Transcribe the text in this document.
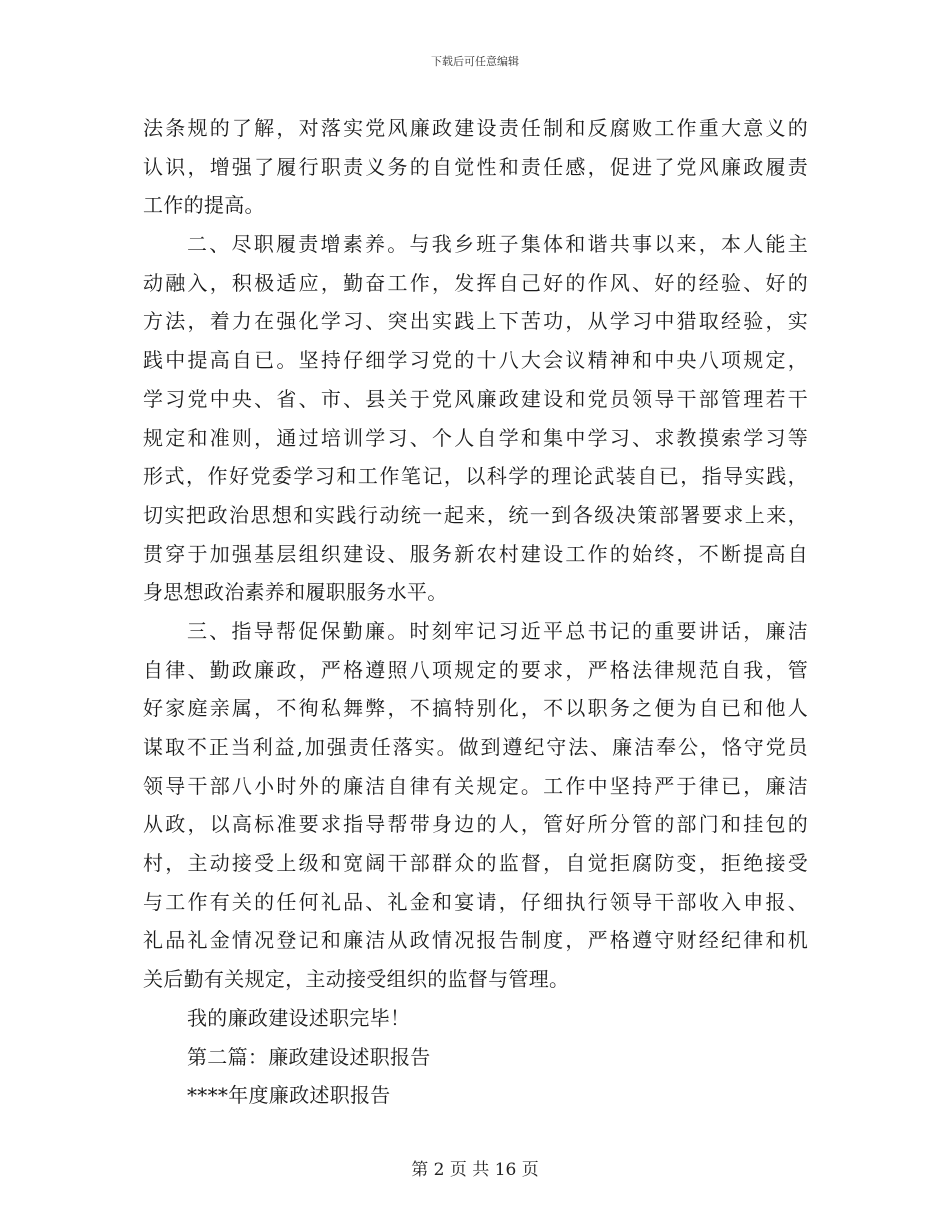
下载后可任意编辑
法条规的了解，对落实党风廉政建设责任制和反腐败工作重大意义的
认识，增强了履行职责义务的自觉性和责任感，促进了党风廉政履责
工作的提高。
二、尽职履责增素养。与我乡班子集体和谐共事以来，本人能主
动融入，积极适应，勤奋工作，发挥自己好的作风、好的经验、好的
方法，着力在强化学习、突出实践上下苦功，从学习中猎取经验，实
践中提高自已。坚持仔细学习党的十八大会议精神和中央八项规定，
学习党中央、省、市、县关于党风廉政建设和党员领导干部管理若干
规定和准则，通过培训学习、个人自学和集中学习、求教摸索学习等
形式，作好党委学习和工作笔记，以科学的理论武装自已，指导实践，
切实把政治思想和实践行动统一起来，统一到各级决策部署要求上来，
贯穿于加强基层组织建设、服务新农村建设工作的始终，不断提高自
身思想政治素养和履职服务水平。
三、指导帮促保勤廉。时刻牢记习近平总书记的重要讲话，廉洁
自律、勤政廉政，严格遵照八项规定的要求，严格法律规范自我，管
好家庭亲属，不徇私舞弊，不搞特别化，不以职务之便为自已和他人
谋取不正当利益,加强责任落实。做到遵纪守法、廉洁奉公，恪守党员
领导干部八小时外的廉洁自律有关规定。工作中坚持严于律已，廉洁
从政，以高标准要求指导帮带身边的人，管好所分管的部门和挂包的
村，主动接受上级和宽阔干部群众的监督，自觉拒腐防变，拒绝接受
与工作有关的任何礼品、礼金和宴请，仔细执行领导干部收入申报、
礼品礼金情况登记和廉洁从政情况报告制度，严格遵守财经纪律和机
关后勤有关规定，主动接受组织的监督与管理。
我的廉政建设述职完毕！
第二篇：廉政建设述职报告
****年度廉政述职报告
第 2 页 共 16 页
